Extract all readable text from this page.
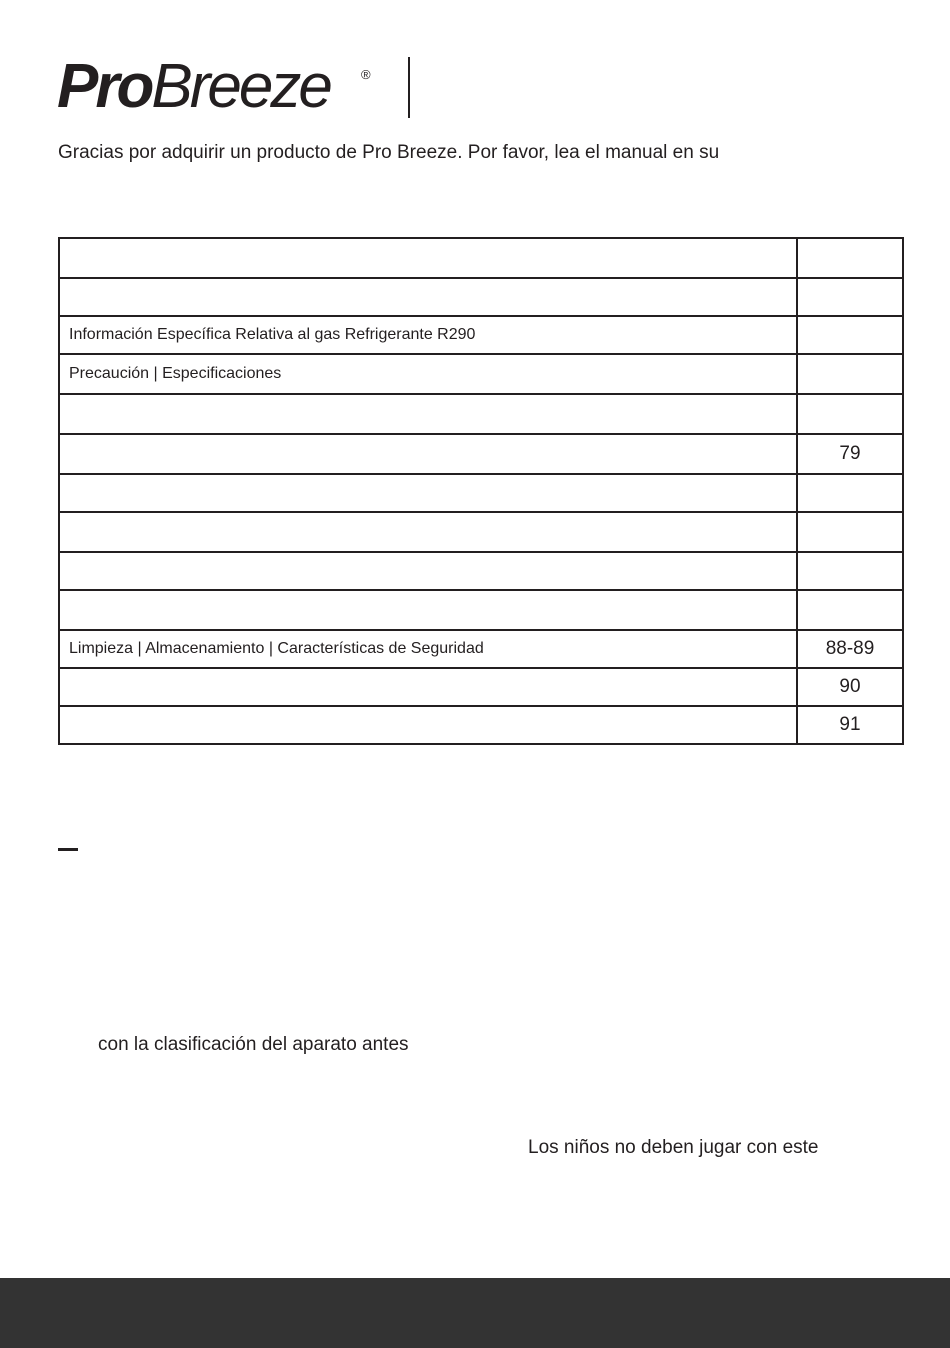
ProBreeze ®
Gracias por adquirir un producto de Pro Breeze. Por favor, lea el manual en su

Información Específica Relativa al gas Refrigerante R290	
Precaución | Especificaciones	

	79

Limpieza | Almacenamiento | Características de Seguridad	88-89
	90
	91
con la clasificación del aparato antes
Los niños no deben jugar con este
